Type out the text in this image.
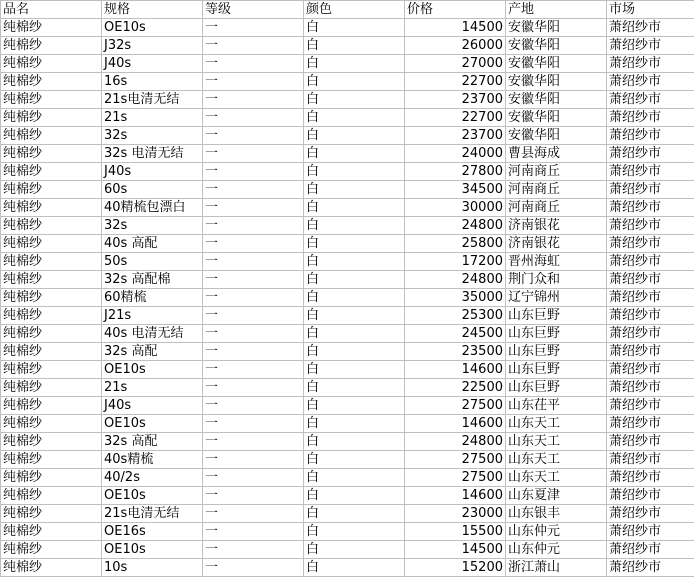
品名	规格	等级	颜色	价格	产地	市场
纯棉纱	OE10s	一	白	14500	安徽华阳	萧绍纱市
纯棉纱	J32s	一	白	26000	安徽华阳	萧绍纱市
纯棉纱	J40s	一	白	27000	安徽华阳	萧绍纱市
纯棉纱	16s	一	白	22700	安徽华阳	萧绍纱市
纯棉纱	21s电清无结	一	白	23700	安徽华阳	萧绍纱市
纯棉纱	21s	一	白	22700	安徽华阳	萧绍纱市
纯棉纱	32s	一	白	23700	安徽华阳	萧绍纱市
纯棉纱	32s 电清无结	一	白	24000	曹县海成	萧绍纱市
纯棉纱	J40s	一	白	27800	河南商丘	萧绍纱市
纯棉纱	60s	一	白	34500	河南商丘	萧绍纱市
纯棉纱	40精梳包漂白	一	白	30000	河南商丘	萧绍纱市
纯棉纱	32s	一	白	24800	济南银花	萧绍纱市
纯棉纱	40s 高配	一	白	25800	济南银花	萧绍纱市
纯棉纱	50s	一	白	17200	晋州海虹	萧绍纱市
纯棉纱	32s 高配棉	一	白	24800	荆门众和	萧绍纱市
纯棉纱	60精梳	一	白	35000	辽宁锦州	萧绍纱市
纯棉纱	J21s	一	白	25300	山东巨野	萧绍纱市
纯棉纱	40s 电清无结	一	白	24500	山东巨野	萧绍纱市
纯棉纱	32s 高配	一	白	23500	山东巨野	萧绍纱市
纯棉纱	OE10s	一	白	14600	山东巨野	萧绍纱市
纯棉纱	21s	一	白	22500	山东巨野	萧绍纱市
纯棉纱	J40s	一	白	27500	山东茌平	萧绍纱市
纯棉纱	OE10s	一	白	14600	山东天工	萧绍纱市
纯棉纱	32s 高配	一	白	24800	山东天工	萧绍纱市
纯棉纱	40s精梳	一	白	27500	山东天工	萧绍纱市
纯棉纱	40/2s	一	白	27500	山东天工	萧绍纱市
纯棉纱	OE10s	一	白	14600	山东夏津	萧绍纱市
纯棉纱	21s电清无结	一	白	23000	山东银丰	萧绍纱市
纯棉纱	OE16s	一	白	15500	山东仲元	萧绍纱市
纯棉纱	OE10s	一	白	14500	山东仲元	萧绍纱市
纯棉纱	10s	一	白	15200	浙江萧山	萧绍纱市
